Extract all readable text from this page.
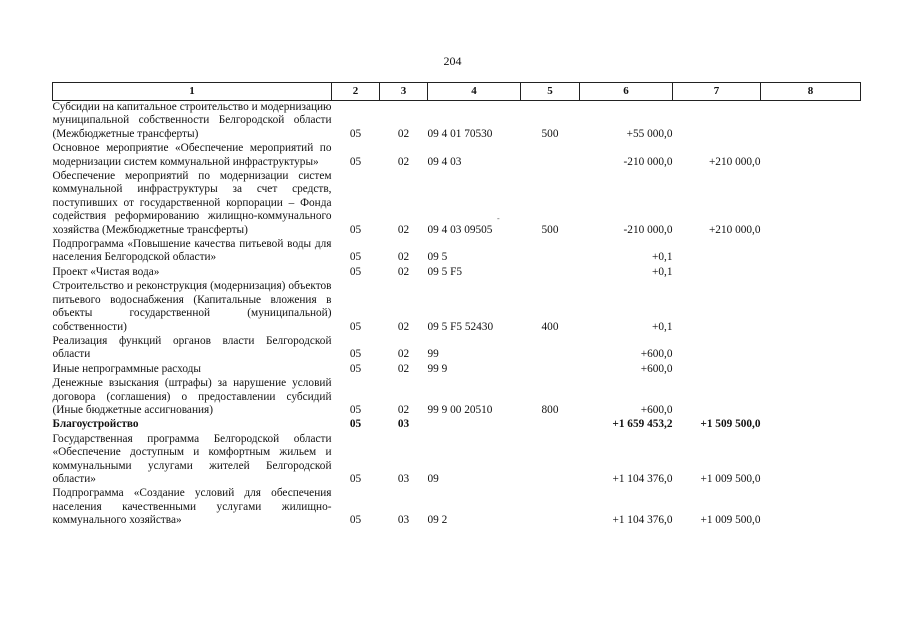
204
-
1	2	3	4	5	6	7	8
Субсидии на капитальное строительство и модернизацию муниципальной собственности Белгородской области (Межбюджетные трансферты)	05	02	09 4 01 70530	500	+55 000,0		
Основное мероприятие «Обеспечение мероприятий по модернизации систем коммунальной инфраструктуры»	05	02	09 4 03		-210 000,0	+210 000,0	
Обеспечение мероприятий по модернизации систем коммунальной инфраструктуры за счет средств, поступивших от государственной корпорации – Фонда содействия реформированию жилищно-коммунального хозяйства (Межбюджетные трансферты)	05	02	09 4 03 09505	500	-210 000,0	+210 000,0	
Подпрограмма «Повышение качества питьевой воды для населения Белгородской области»	05	02	09 5		+0,1		
Проект «Чистая вода»	05	02	09 5 F5		+0,1		
Строительство и реконструкция (модернизация) объектов питьевого водоснабжения (Капитальные вложения в объекты государственной (муниципальной) собственности)	05	02	09 5 F5 52430	400	+0,1		
Реализация функций органов власти Белгородской области	05	02	99		+600,0		
Иные непрограммные расходы	05	02	99 9		+600,0		
Денежные взыскания (штрафы) за нарушение условий договора (соглашения) о предоставлении субсидий (Иные бюджетные ассигнования)	05	02	99 9 00 20510	800	+600,0		
Благоустройство	05	03			+1 659 453,2	+1 509 500,0	
Государственная программа Белгородской области «Обеспечение доступным и комфортным жильем и коммунальными услугами жителей Белгородской области»	05	03	09		+1 104 376,0	+1 009 500,0	
Подпрограмма «Создание условий для обеспечения населения качественными услугами жилищно-коммунального хозяйства»	05	03	09 2		+1 104 376,0	+1 009 500,0	
